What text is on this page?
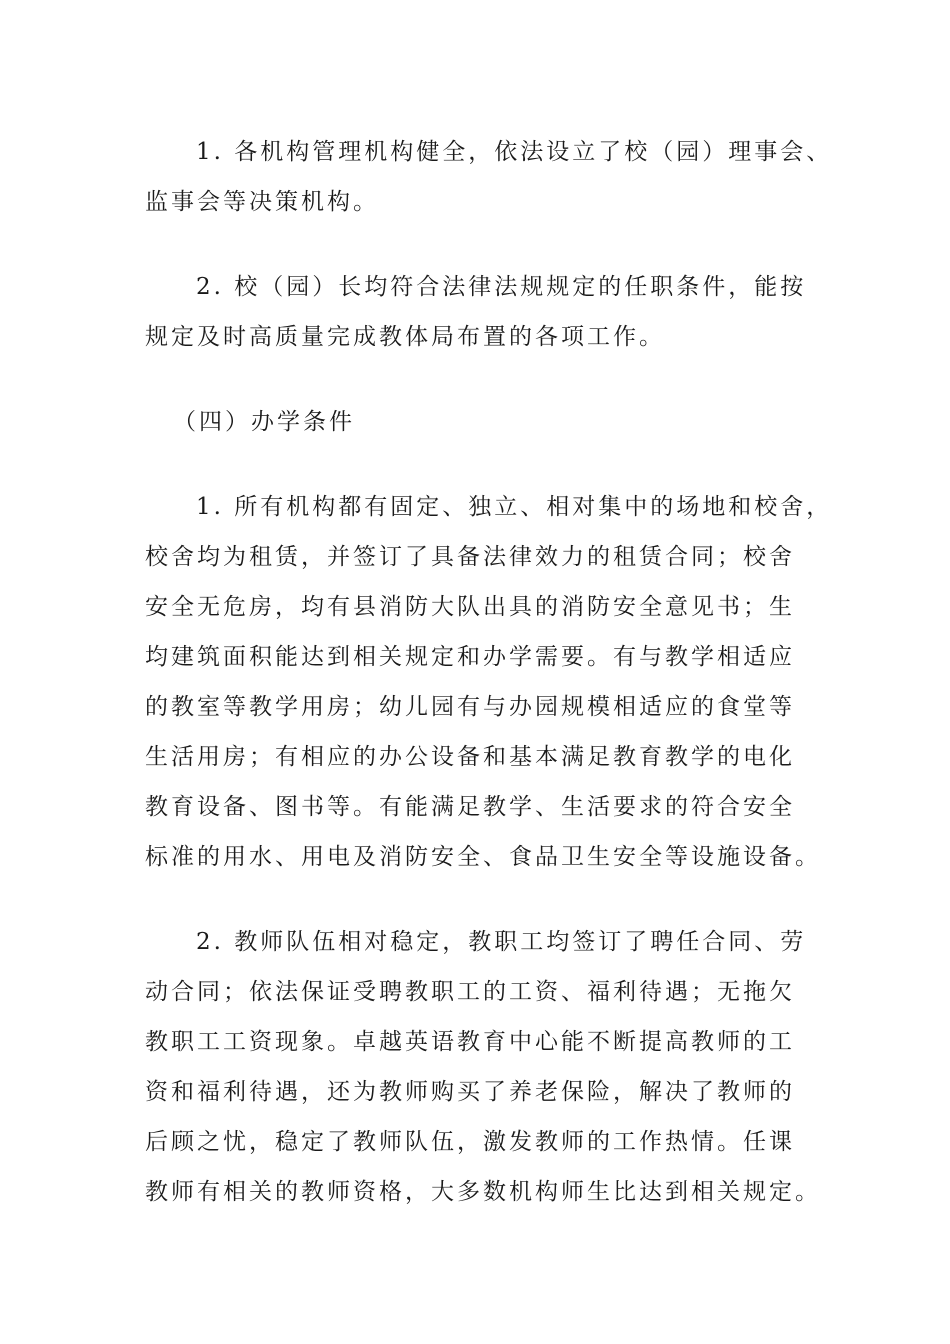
1. 各机构管理机构健全，依法设立了校（园）理事会、
监事会等决策机构。
2. 校（园）长均符合法律法规规定的任职条件，能按
规定及时高质量完成教体局布置的各项工作。
（四）办学条件
1. 所有机构都有固定、独立、相对集中的场地和校舍，
校舍均为租赁，并签订了具备法律效力的租赁合同；校舍
安全无危房，均有县消防大队出具的消防安全意见书；生
均建筑面积能达到相关规定和办学需要。有与教学相适应
的教室等教学用房；幼儿园有与办园规模相适应的食堂等
生活用房；有相应的办公设备和基本满足教育教学的电化
教育设备、图书等。有能满足教学、生活要求的符合安全
标准的用水、用电及消防安全、食品卫生安全等设施设备。
2. 教师队伍相对稳定，教职工均签订了聘任合同、劳
动合同；依法保证受聘教职工的工资、福利待遇；无拖欠
教职工工资现象。卓越英语教育中心能不断提高教师的工
资和福利待遇，还为教师购买了养老保险，解决了教师的
后顾之忧，稳定了教师队伍，激发教师的工作热情。任课
教师有相关的教师资格，大多数机构师生比达到相关规定。
